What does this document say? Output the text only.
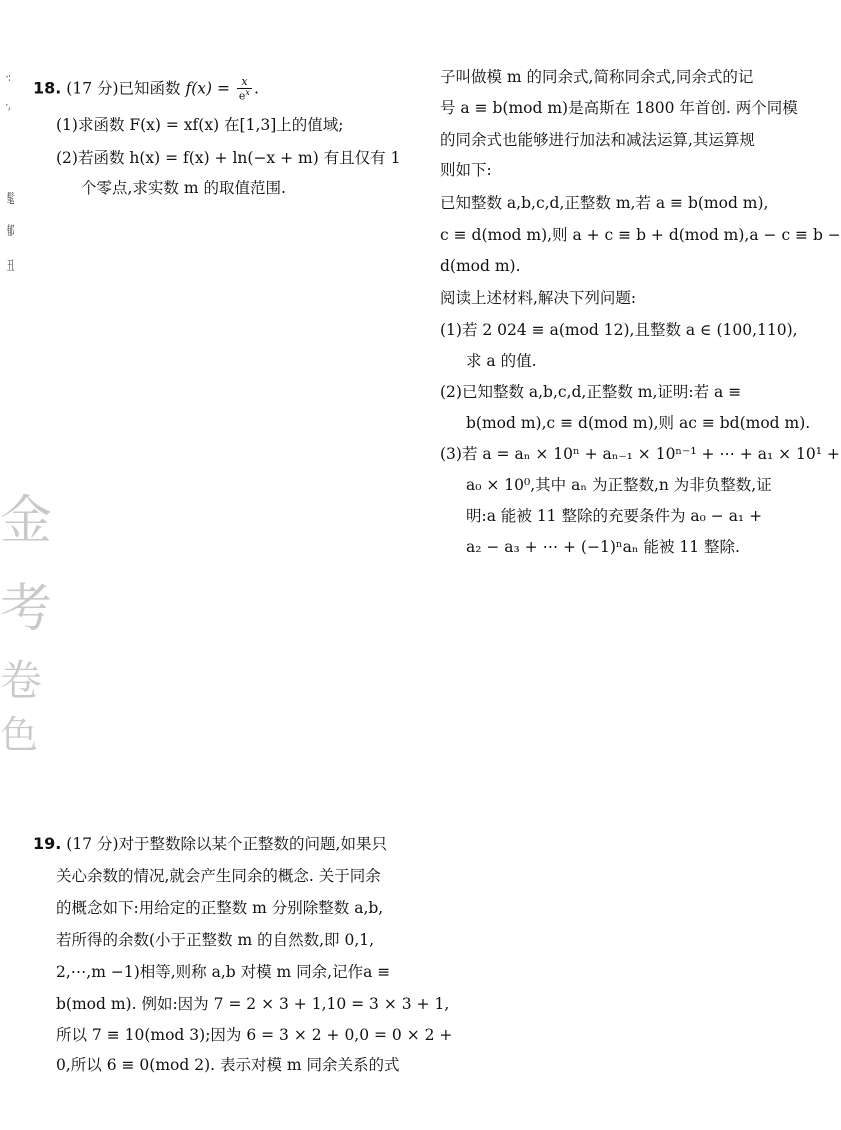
·:
·,
髦
郁
丑
金
考
卷
色
18. (17 分)已知函数 $f(x) = \frac{x}{e^x}$ .
(1)求函数 F(x) = xf(x) 在[1,3]上的值域;
(2)若函数 h(x) = f(x) + ln(−x + m) 有且仅有 1
个零点,求实数 m 的取值范围.
19. (17 分)对于整数除以某个正整数的问题,如果只
关心余数的情况,就会产生同余的概念. 关于同余
的概念如下:用给定的正整数 m 分别除整数 a,b,
若所得的余数(小于正整数 m 的自然数,即 0,1,
2,⋯,m −1)相等,则称 a,b 对模 m 同余,记作a ≡
b(mod m). 例如:因为 7 = 2 × 3 + 1,10 = 3 × 3 + 1,
所以 7 ≡ 10(mod 3);因为 6 = 3 × 2 + 0,0 = 0 × 2 +
0,所以 6 ≡ 0(mod 2). 表示对模 m 同余关系的式
子叫做模 m 的同余式,简称同余式,同余式的记
号 a ≡ b(mod m)是高斯在 1800 年首创. 两个同模
的同余式也能够进行加法和减法运算,其运算规
则如下:
已知整数 a,b,c,d,正整数 m,若 a ≡ b(mod m),
c ≡ d(mod m),则 a + c ≡ b + d(mod m),a − c ≡ b −
d(mod m).
阅读上述材料,解决下列问题:
(1)若 2 024 ≡ a(mod 12),且整数 a ∈ (100,110),
求 a 的值.
(2)已知整数 a,b,c,d,正整数 m,证明:若 a ≡
b(mod m),c ≡ d(mod m),则 ac ≡ bd(mod m).
(3)若 a = aₙ × 10ⁿ + aₙ₋₁ × 10ⁿ⁻¹ + ⋯ + a₁ × 10¹ +
a₀ × 10⁰,其中 aₙ 为正整数,n 为非负整数,证
明:a 能被 11 整除的充要条件为 a₀ − a₁ +
a₂ − a₃ + ⋯ + (−1)ⁿaₙ 能被 11 整除.
